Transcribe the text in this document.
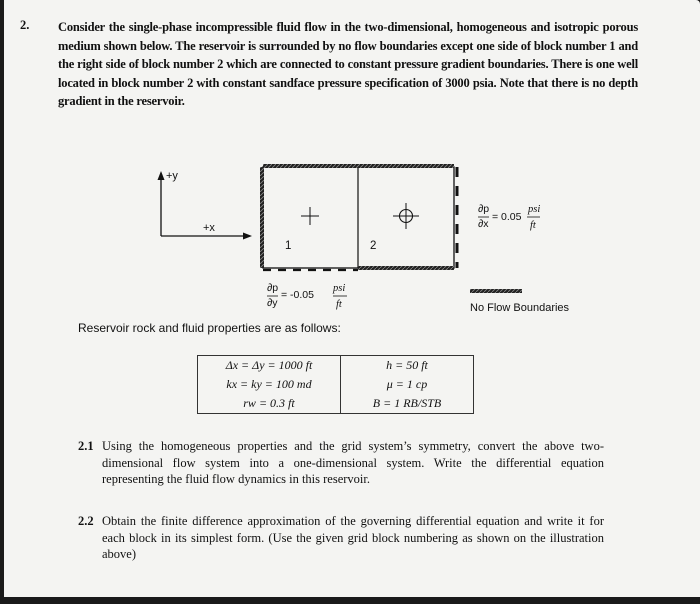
2. Consider the single-phase incompressible fluid flow in the two-dimensional, homogeneous and isotropic porous medium shown below. The reservoir is surrounded by no flow boundaries except one side of block number 1 and the right side of block number 2 which are connected to constant pressure gradient boundaries. There is one well located in block number 2 with constant sandface pressure specification of 3000 psia. Note that there is no depth gradient in the reservoir.
+y
+x
1	2
∂p
∂x
= 0.05
psi
ft
∂p
∂y
= -0.05
psi
ft	No Flow Boundaries
Reservoir rock and fluid properties are as follows:
Δx = Δy = 1000 ft	h = 50 ft
kx = ky = 100 md	μ = 1 cp
rw = 0.3 ft	B = 1 RB/STB
2.1 Using the homogeneous properties and the grid system’s symmetry, convert the above two-dimensional flow system into a one-dimensional system. Write the differential equation representing the fluid flow dynamics in this reservoir.
2.2 Obtain the finite difference approximation of the governing differential equation and write it for each block in its simplest form. (Use the given grid block numbering as shown on the illustration above)
